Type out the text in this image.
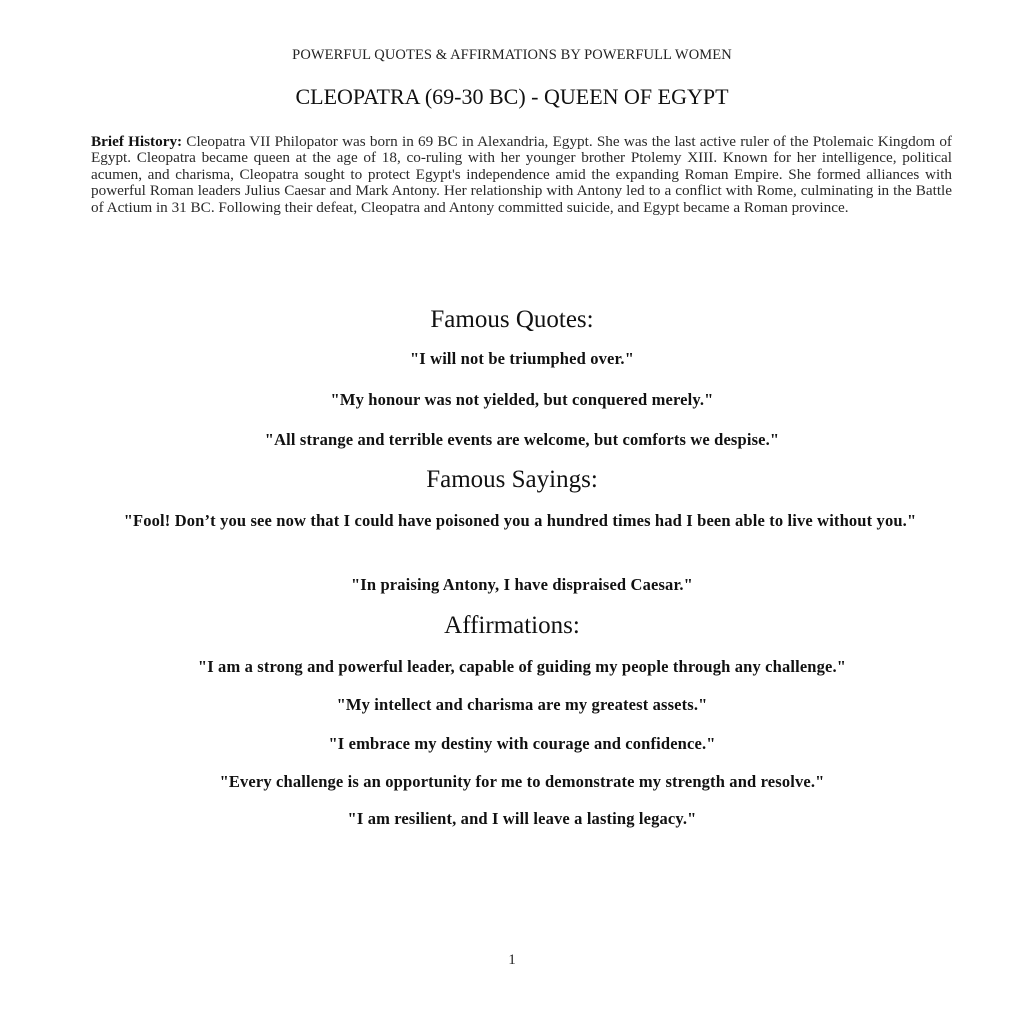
POWERFUL QUOTES & AFFIRMATIONS BY POWERFULL WOMEN
CLEOPATRA (69-30 BC) - QUEEN OF EGYPT
Brief History: Cleopatra VII Philopator was born in 69 BC in Alexandria, Egypt. She was the last active ruler of the Ptolemaic Kingdom of Egypt. Cleopatra became queen at the age of 18, co-ruling with her younger brother Ptolemy XIII. Known for her intelligence, political acumen, and charisma, Cleopatra sought to protect Egypt's independence amid the expanding Roman Empire. She formed alliances with powerful Roman leaders Julius Caesar and Mark Antony. Her relationship with Antony led to a conflict with Rome, culminating in the Battle of Actium in 31 BC. Following their defeat, Cleopatra and Antony committed suicide, and Egypt became a Roman province.
Famous Quotes:
"I will not be triumphed over."
"My honour was not yielded, but conquered merely."
"All strange and terrible events are welcome, but comforts we despise."
Famous Sayings:
"Fool! Don’t you see now that I could have poisoned you a hundred times had I been able to live without you."
"In praising Antony, I have dispraised Caesar."
Affirmations:
"I am a strong and powerful leader, capable of guiding my people through any challenge."
"My intellect and charisma are my greatest assets."
"I embrace my destiny with courage and confidence."
"Every challenge is an opportunity for me to demonstrate my strength and resolve."
"I am resilient, and I will leave a lasting legacy."
1
